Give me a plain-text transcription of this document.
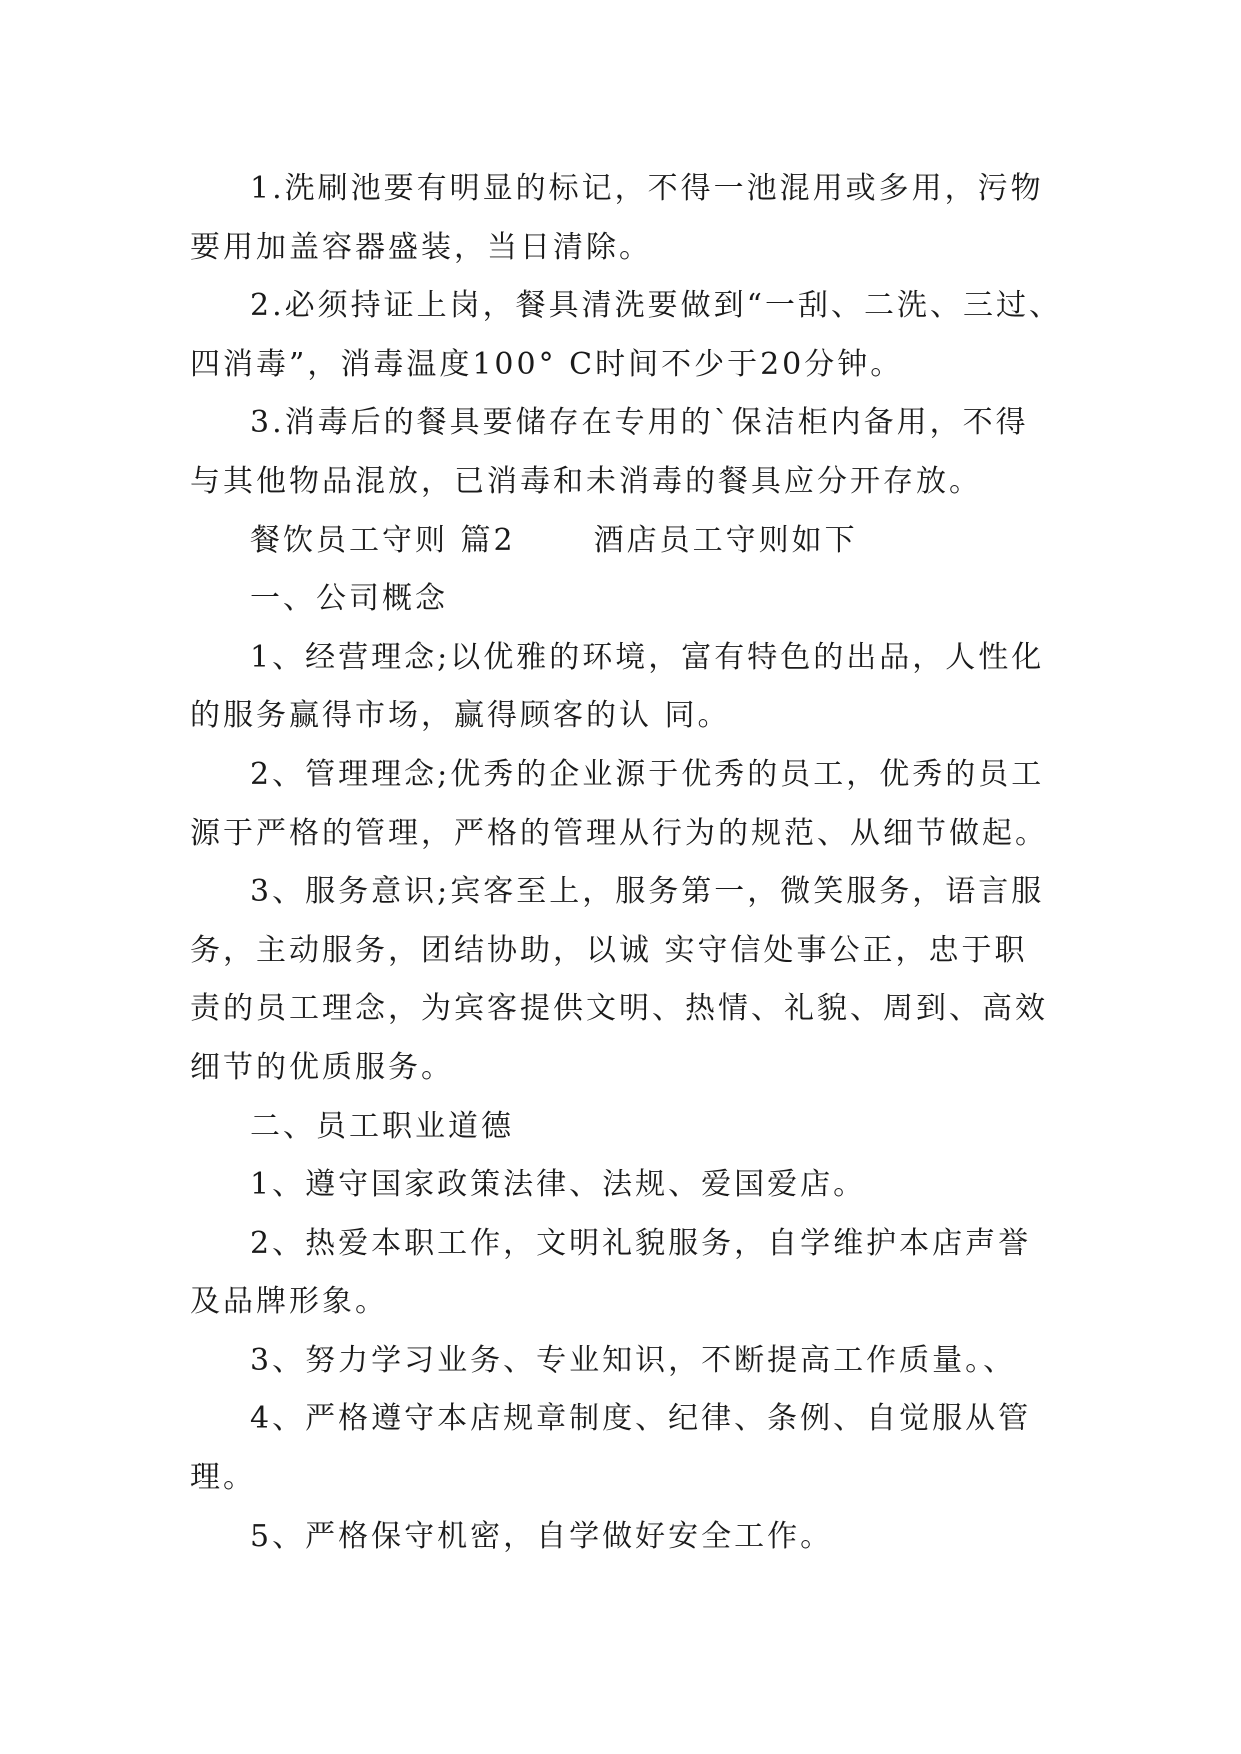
1.洗刷池要有明显的标记，不得一池混用或多用，污物
要用加盖容器盛装，当日清除。
2.必须持证上岗，餐具清洗要做到“一刮、二洗、三过、
四消毒”，消毒温度100° C时间不少于20分钟。
3.消毒后的餐具要储存在专用的`保洁柜内备用，不得
与其他物品混放，已消毒和未消毒的餐具应分开存放。
餐饮员工守则 篇2	酒店员工守则如下
一、公司概念
1、经营理念;以优雅的环境，富有特色的出品，人性化
的服务赢得市场，赢得顾客的认 同。
2、管理理念;优秀的企业源于优秀的员工，优秀的员工
源于严格的管理，严格的管理从行为的规范、从细节做起。
3、服务意识;宾客至上，服务第一，微笑服务，语言服
务，主动服务，团结协助，以诚 实守信处事公正，忠于职
责的员工理念，为宾客提供文明、热情、礼貌、周到、高效
细节的优质服务。
二、员工职业道德
1、遵守国家政策法律、法规、爱国爱店。
2、热爱本职工作，文明礼貌服务，自学维护本店声誉
及品牌形象。
3、努力学习业务、专业知识，不断提高工作质量。、
4、严格遵守本店规章制度、纪律、条例、自觉服从管
理。
5、严格保守机密，自学做好安全工作。
